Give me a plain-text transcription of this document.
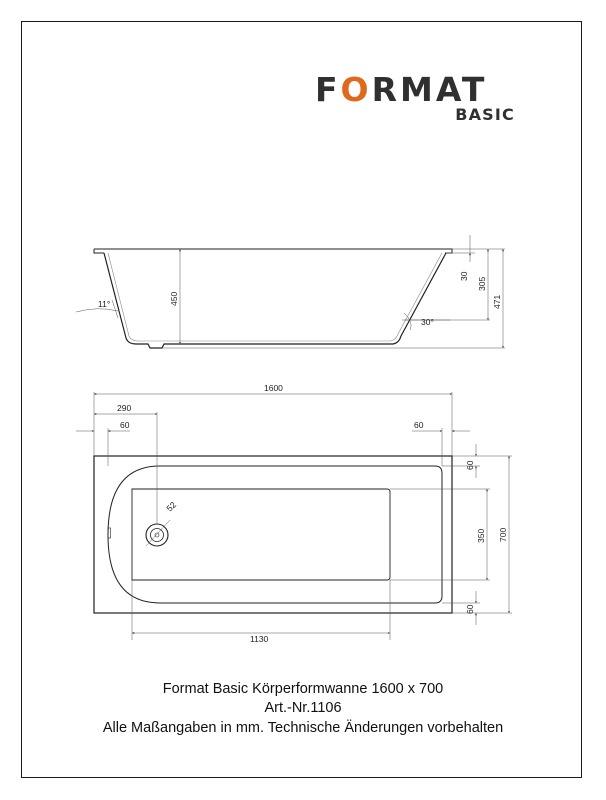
FORMAT
BASIC
450
30
305
471
11°
30°
1600
290
60	60
52
60
350 700
60
1130
Format Basic Körperformwanne 1600 x 700
Art.-Nr.1106
Alle Maßangaben in mm. Technische Änderungen vorbehalten
